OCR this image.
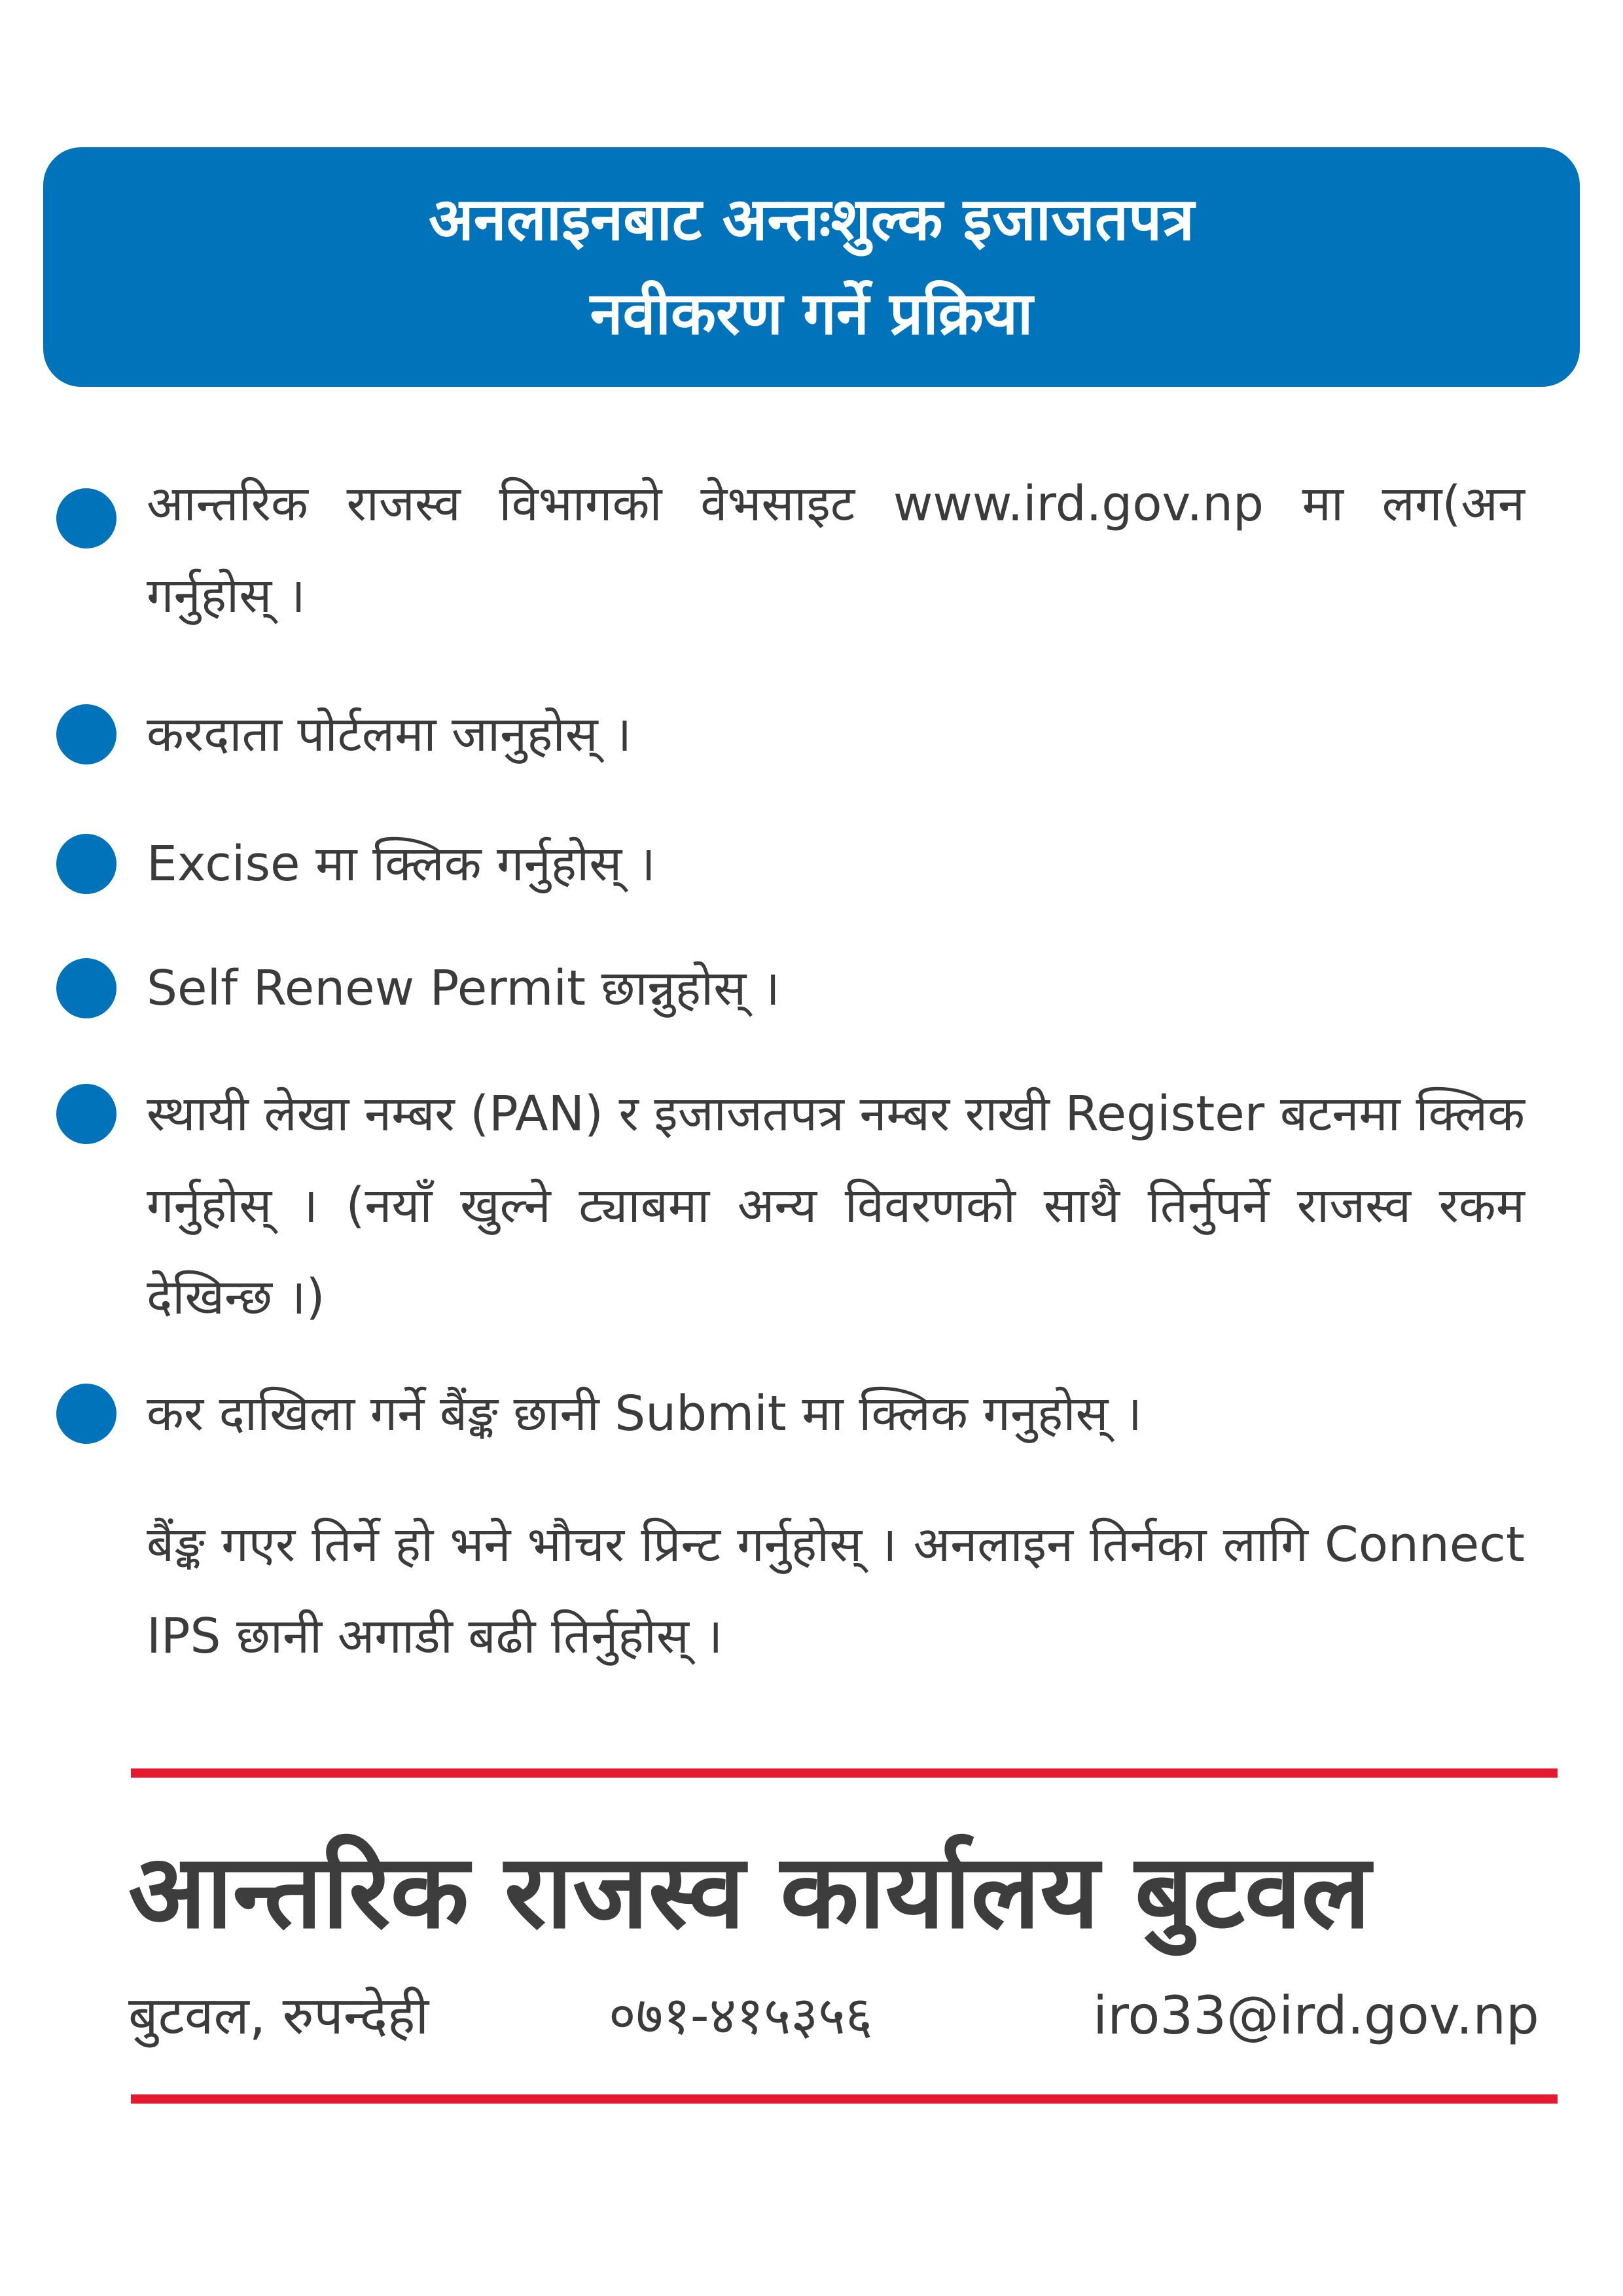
अनलाइनबाट अन्तःशुल्क इजाजतपत्र
नवीकरण गर्ने प्रक्रिया
आन्तरिक राजस्व विभागको वेभसाइट www.ird.gov.np मा लग(अन गर्नुहोस् ।
करदाता पोर्टलमा जानुहोस् ।
Excise मा क्लिक गर्नुहोस् ।
Self Renew Permit छान्नुहोस् ।
स्थायी लेखा नम्बर (PAN) र इजाजतपत्र नम्बर राखी Register बटनमा क्लिक गर्नुहोस् । (नयाँ खुल्ने ट्याबमा अन्य विवरणको साथै तिर्नुपर्ने राजस्व रकम देखिन्छ ।)
कर दाखिला गर्ने बैंङ्क छानी Submit मा क्लिक गनुहोस् ।
बैंङ्क गएर तिर्ने हो भने भौचर प्रिन्ट गर्नुहोस् । अनलाइन तिर्नका लागि Connect IPS छानी अगाडी बढी तिर्नुहोस् ।
आन्तरिक राजस्व कार्यालय बुटवल
बुटवल, रुपन्देही	०७१-४१५३५६	iro33@ird.gov.np
